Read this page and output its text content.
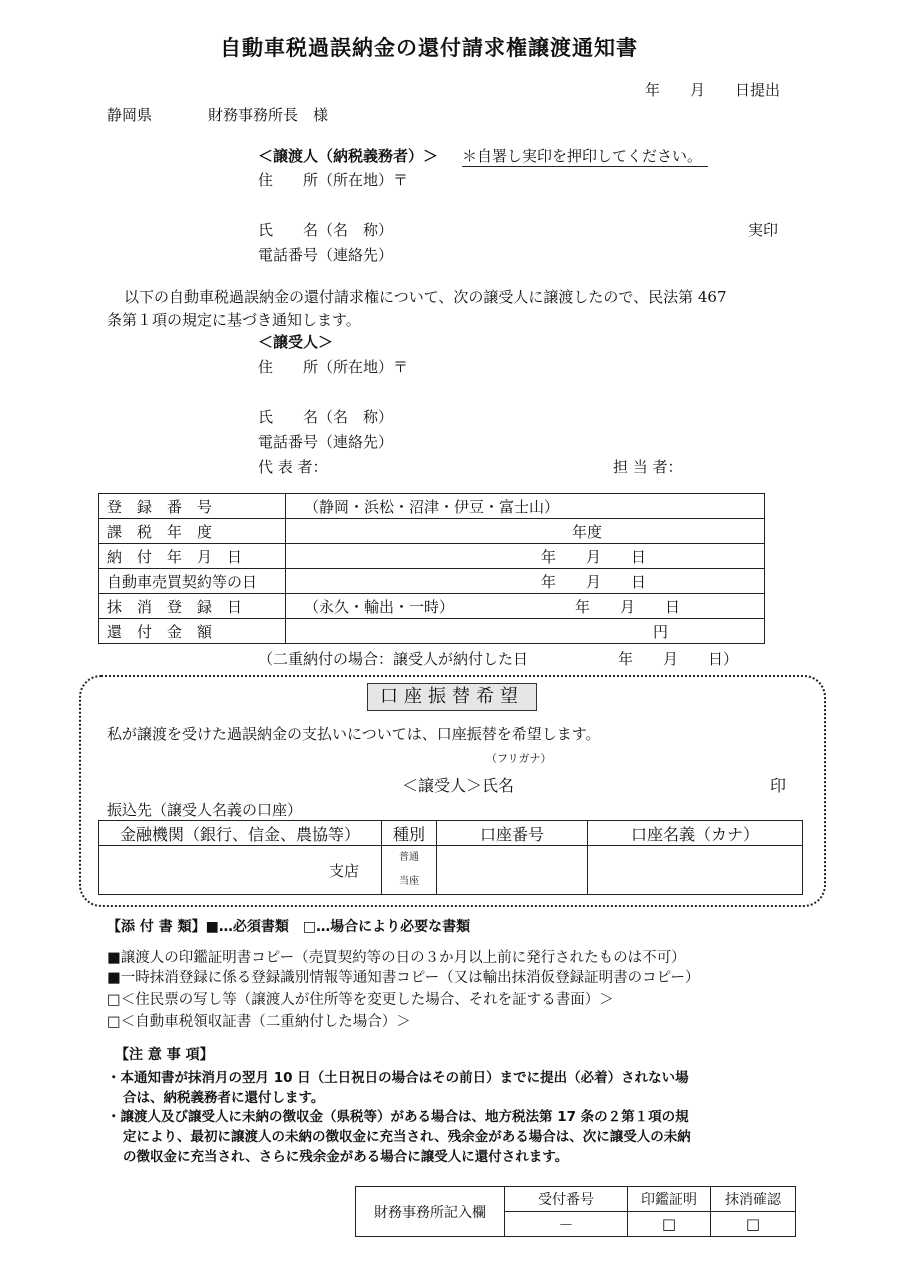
自動車税過誤納金の還付請求権譲渡通知書
年　　月　　日提出
静岡県	財務事務所長　様
＜譲渡人（納税義務者）＞ ＊自署し実印を押印してください。
住　　所（所在地）〒
氏　　名（名　称）	実印
電話番号（連絡先）
以下の自動車税過誤納金の還付請求権について、次の譲受人に譲渡したので、民法第 467
条第１項の規定に基づき通知します。
＜譲受人＞
住　　所（所在地）〒
氏　　名（名　称）
電話番号（連絡先）
代 表 者：	担 当 者：
登　録　番　号	（静岡・浜松・沼津・伊豆・富士山）
課　税　年　度	年度
納　付　年　月　日	年　　月　　日
自動車売買契約等の日	年　　月　　日
抹　消　登　録　日	（永久・輸出・一時） 年　　月　　日

還　付　金　額	円
（二重納付の場合：譲受人が納付した日　　　　　　年　　月　　日）
口座振替希望
私が譲渡を受けた過誤納金の支払いについては、口座振替を希望します。
（フリガナ）
＜譲受人＞氏名	印
振込先（譲受人名義の口座）
金融機関（銀行、信金、農協等）	種別	口座番号	口座名義（カナ）
支店	普通
当座		

【添 付 書 類】■…必須書類　□…場合により必要な書類
■譲渡人の印鑑証明書コピー（売買契約等の日の３か月以上前に発行されたものは不可）
■一時抹消登録に係る登録識別情報等通知書コピー（又は輸出抹消仮登録証明書のコピー）
□＜住民票の写し等（譲渡人が住所等を変更した場合、それを証する書面）＞
□＜自動車税領収証書（二重納付した場合）＞
【注 意 事 項】
・本通知書が抹消月の翌月 10 日（土日祝日の場合はその前日）までに提出（必着）されない場
合は、納税義務者に還付します。
・譲渡人及び譲受人に未納の徴収金（県税等）がある場合は、地方税法第 17 条の２第１項の規
定により、最初に譲渡人の未納の徴収金に充当され、残余金がある場合は、次に譲受人の未納
の徴収金に充当され、さらに残余金がある場合に譲受人に還付されます。
財務事務所記入欄	受付番号	印鑑証明	抹消確認
	－	□	□
